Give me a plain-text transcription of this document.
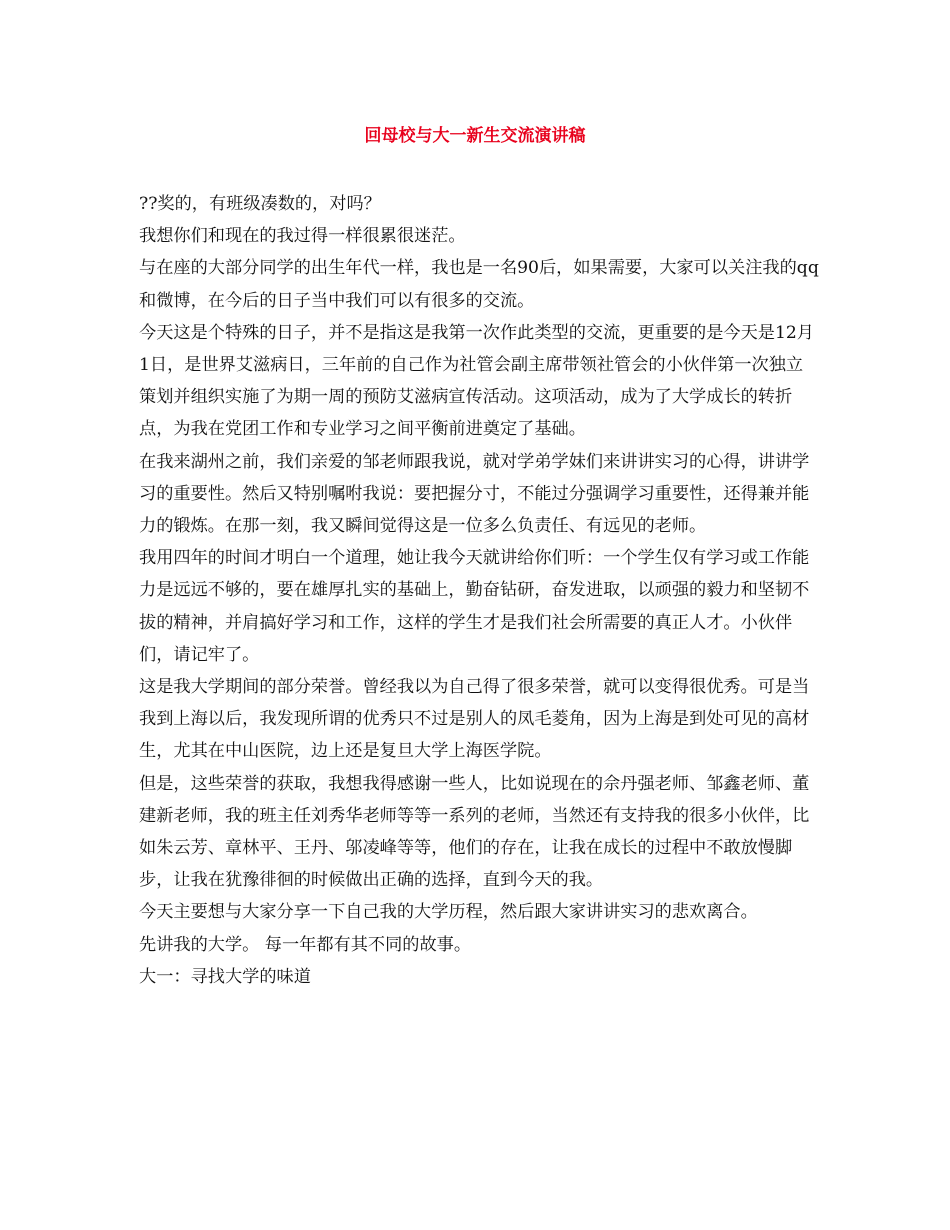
回母校与大一新生交流演讲稿

??奖的，有班级凑数的，对吗？

我想你们和现在的我过得一样很累很迷茫。

与在座的大部分同学的出生年代一样，我也是一名90后，如果需要，大家可以关注我的qq和微博，在今后的日子当中我们可以有很多的交流。

今天这是个特殊的日子，并不是指这是我第一次作此类型的交流，更重要的是今天是12月1日，是世界艾滋病日，三年前的自己作为社管会副主席带领社管会的小伙伴第一次独立策划并组织实施了为期一周的预防艾滋病宣传活动。这项活动，成为了大学成长的转折点，为我在党团工作和专业学习之间平衡前进奠定了基础。

在我来湖州之前，我们亲爱的邹老师跟我说，就对学弟学妹们来讲讲实习的心得，讲讲学习的重要性。然后又特别嘱咐我说：要把握分寸，不能过分强调学习重要性，还得兼并能力的锻炼。在那一刻，我又瞬间觉得这是一位多么负责任、有远见的老师。

我用四年的时间才明白一个道理，她让我今天就讲给你们听：一个学生仅有学习或工作能力是远远不够的，要在雄厚扎实的基础上，勤奋钻研，奋发进取，以顽强的毅力和坚韧不拔的精神，并肩搞好学习和工作，这样的学生才是我们社会所需要的真正人才。小伙伴们，请记牢了。

这是我大学期间的部分荣誉。曾经我以为自己得了很多荣誉，就可以变得很优秀。可是当我到上海以后，我发现所谓的优秀只不过是别人的凤毛菱角，因为上海是到处可见的高材生，尤其在中山医院，边上还是复旦大学上海医学院。

但是，这些荣誉的获取，我想我得感谢一些人，比如说现在的佘丹强老师、邹鑫老师、董建新老师，我的班主任刘秀华老师等等一系列的老师，当然还有支持我的很多小伙伴，比如朱云芳、章林平、王丹、邬凌峰等等，他们的存在，让我在成长的过程中不敢放慢脚步，让我在犹豫徘徊的时候做出正确的选择，直到今天的我。

今天主要想与大家分享一下自己我的大学历程，然后跟大家讲讲实习的悲欢离合。

先讲我的大学。 每一年都有其不同的故事。

大一：寻找大学的味道
